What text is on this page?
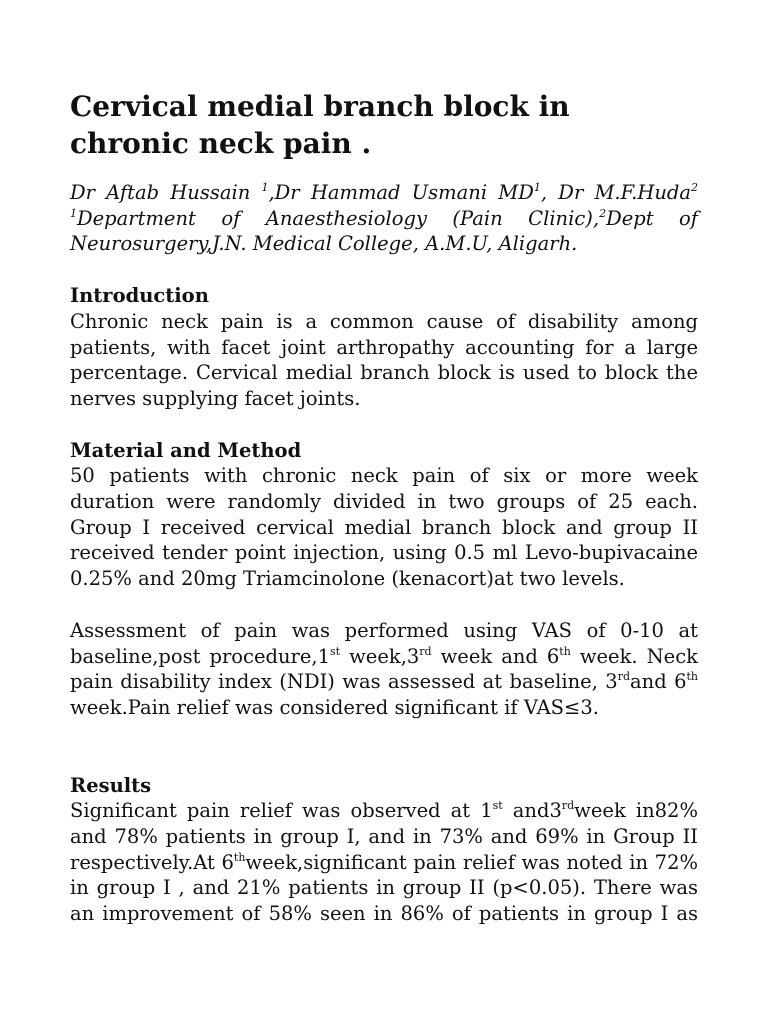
Cervical medial branch block in chronic neck pain .
Dr Aftab Hussain $^1$,Dr Hammad Usmani $MD^1$, Dr M.F.Huda$^2$
$^1$Department of Anaesthesiology (Pain Clinic),$^2$Dept of
Neurosurgery,J.N. Medical College, A.M.U, Aligarh.

Introduction

Chronic neck pain is a common cause of disability among
patients, with facet joint arthropathy accounting for a large
percentage. Cervical medial branch block is used to block the
nerves supplying facet joints.

Material and Method

50 patients with chronic neck pain of six or more week
duration were randomly divided in two groups of 25 each.
Group I received cervical medial branch block and group II
received tender point injection, using 0.5 ml Levo-bupivacaine
0.25% and 20mg Triamcinolone (kenacort)at two levels.
Assessment of pain was performed using VAS of 0-10 at
baseline,post procedure,1st week,3rd week and 6th week. Neck
pain disability index (NDI) was assessed at baseline, 3rdand 6th
week.Pain relief was considered significant if VAS≤3.

Results

Significant pain relief was observed at 1st and3rdweek in82%
and 78% patients in group I, and in 73% and 69% in Group II
respectively.At 6thweek,significant pain relief was noted in 72%
in group I , and 21% patients in group II (p<0.05). There was
an improvement of 58% seen in 86% of patients in group I as
